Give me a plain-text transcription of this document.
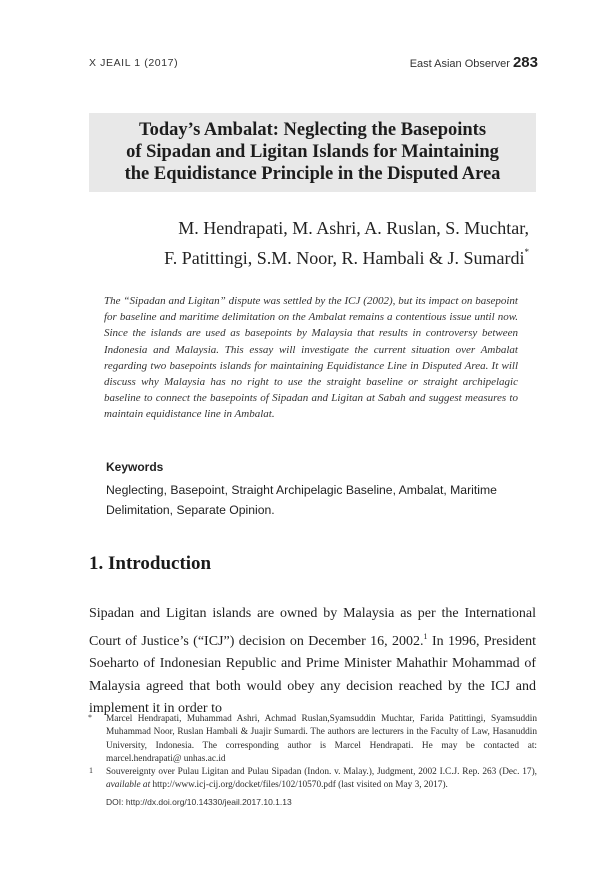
X JEAIL 1 (2017)	East Asian Observer 283
Today’s Ambalat: Neglecting the Basepoints
of Sipadan and Ligitan Islands for Maintaining
the Equidistance Principle in the Disputed Area
M. Hendrapati, M. Ashri, A. Ruslan, S. Muchtar,
F. Patittingi, S.M. Noor, R. Hambali & J. Sumardi*
The “Sipadan and Ligitan” dispute was settled by the ICJ (2002), but its impact on basepoint for baseline and maritime delimitation on the Ambalat remains a contentious issue until now. Since the islands are used as basepoints by Malaysia that results in controversy between Indonesia and Malaysia. This essay will investigate the current situation over Ambalat regarding two basepoints islands for maintaining Equidistance Line in Disputed Area. It will discuss why Malaysia has no right to use the straight baseline or straight archipelagic baseline to connect the basepoints of Sipadan and Ligitan at Sabah and suggest measures to maintain equidistance line in Ambalat.
Keywords
Neglecting, Basepoint, Straight Archipelagic Baseline, Ambalat, Maritime Delimitation, Separate Opinion.
1. Introduction
Sipadan and Ligitan islands are owned by Malaysia as per the International Court of Justice’s (“ICJ”) decision on December 16, 2002.$^1$ In 1996, President Soeharto of Indonesian Republic and Prime Minister Mahathir Mohammad of Malaysia agreed that both would obey any decision reached by the ICJ and implement it in order to
* Marcel Hendrapati, Muhammad Ashri, Achmad Ruslan,Syamsuddin Muchtar, Farida Patittingi, Syamsuddin Muhammad Noor, Ruslan Hambali & Juajir Sumardi. The authors are lecturers in the Faculty of Law, Hasanuddin University, Indonesia. The corresponding author is Marcel Hendrapati. He may be contacted at: marcel.hendrapati@ unhas.ac.id
1 Souvereignty over Pulau Ligitan and Pulau Sipadan (Indon. v. Malay.), Judgment, 2002 I.C.J. Rep. 263 (Dec. 17), available at http://www.icj-cij.org/docket/files/102/10570.pdf (last visited on May 3, 2017).
DOI: http://dx.doi.org/10.14330/jeail.2017.10.1.13
